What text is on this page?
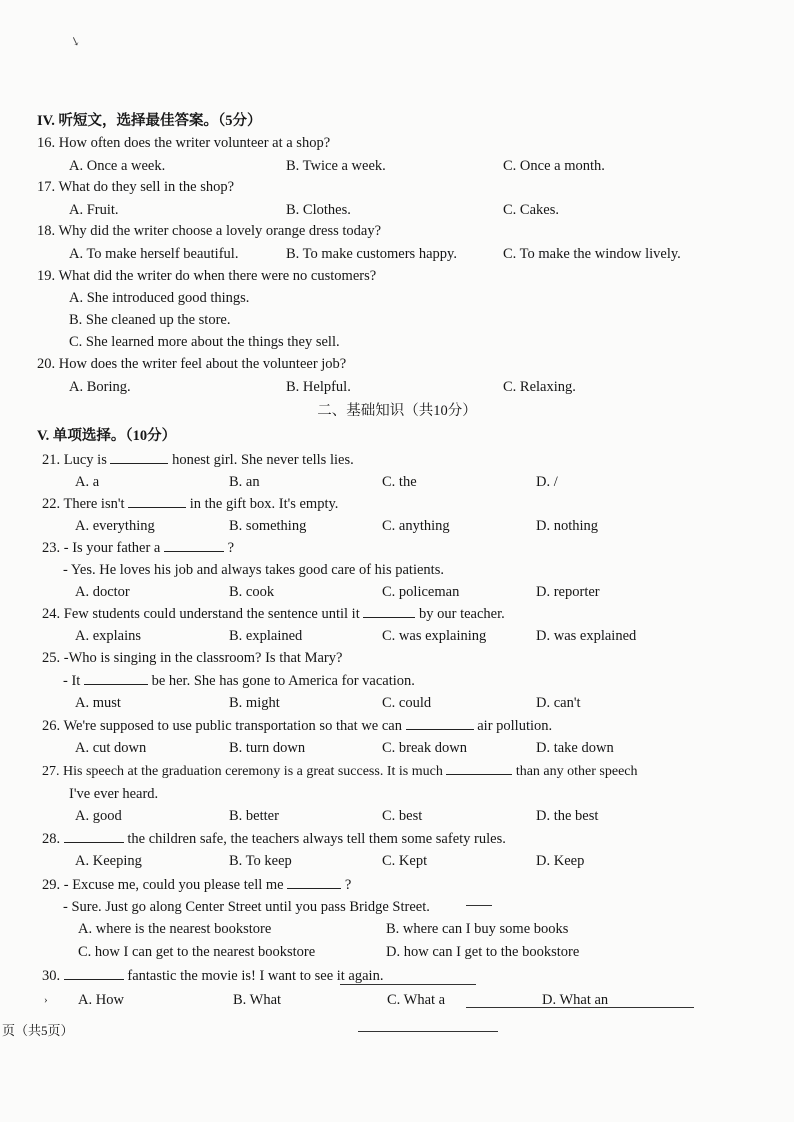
↘
IV. 听短文，选择最佳答案。（5分）
16. How often does the writer volunteer at a shop?
A. Once a week.	B. Twice a week.	C. Once a month.
17. What do they sell in the shop?
A. Fruit.	B. Clothes.	C. Cakes.
18. Why did the writer choose a lovely orange dress today?
A. To make herself beautiful.	B. To make customers happy.	C. To make the window lively.
19. What did the writer do when there were no customers?
A. She introduced good things.
B. She cleaned up the store.
C. She learned more about the things they sell.
20. How does the writer feel about the volunteer job?
A. Boring.	B. Helpful.	C. Relaxing.
二、基础知识（共10分）
V. 单项选择。（10分）
21. Lucy is	honest girl. She never tells lies.
A. a	B. an	C. the	D. /
22. There isn't	in the gift box. It's empty.
A. everything	B. something	C. anything	D. nothing
23. - Is your father a	?
- Yes. He loves his job and always takes good care of his patients.
A. doctor	B. cook	C. policeman	D. reporter
24. Few students could understand the sentence until it	by our teacher.
A. explains	B. explained	C. was explaining	D. was explained
25. -Who is singing in the classroom? Is that Mary?
- It	be her. She has gone to America for vacation.
A. must	B. might	C. could	D. can't
26. We're supposed to use public transportation so that we can	air pollution.
A. cut down	B. turn down	C. break down	D. take down
27. His speech at the graduation ceremony is a great success. It is much	than any other speech
I've ever heard.
A. good	B. better	C. best	D. the best
28.	the children safe, the teachers always tell them some safety rules.
A. Keeping	B. To keep	C. Kept	D. Keep
29. - Excuse me, could you please tell me	?
- Sure. Just go along Center Street until you pass Bridge Street.
A. where is the nearest bookstore	B. where can I buy some books
C. how I can get to the nearest bookstore	D. how can I get to the bookstore
30.	fantastic the movie is! I want to see it again.
› A. How	B. What	C. What a	D. What an
页（共5页）
